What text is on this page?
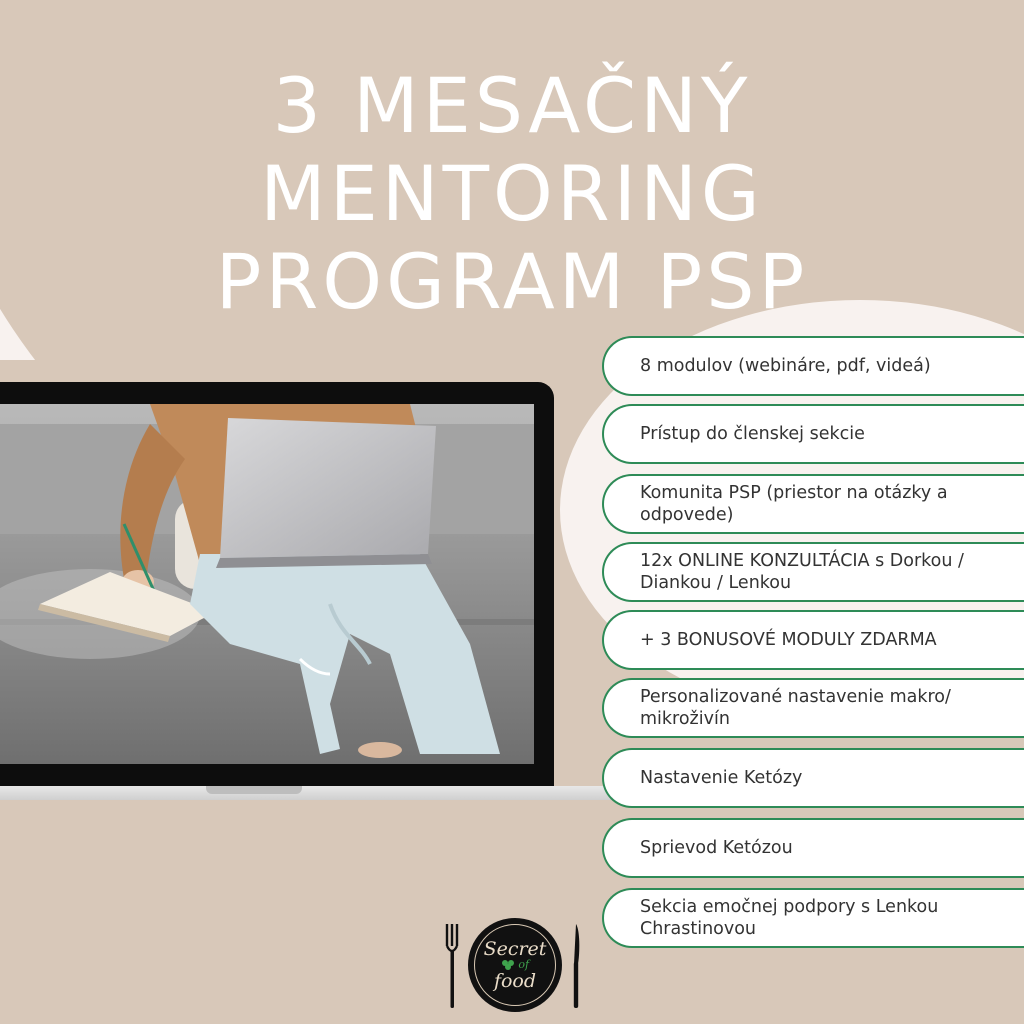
3 MESAČNÝ
MENTORING
PROGRAM PSP
8 modulov (webináre, pdf, videá)
Prístup do členskej sekcie
Komunita PSP (priestor na otázky a odpovede)
12x ONLINE KONZULTÁCIA s Dorkou / Diankou / Lenkou
+ 3 BONUSOVÉ MODULY ZDARMA
Personalizované nastavenie makro/ mikroživín
Nastavenie Ketózy
Sprievod Ketózou
Sekcia emočnej podpory s Lenkou Chrastinovou
Secret
of
food
